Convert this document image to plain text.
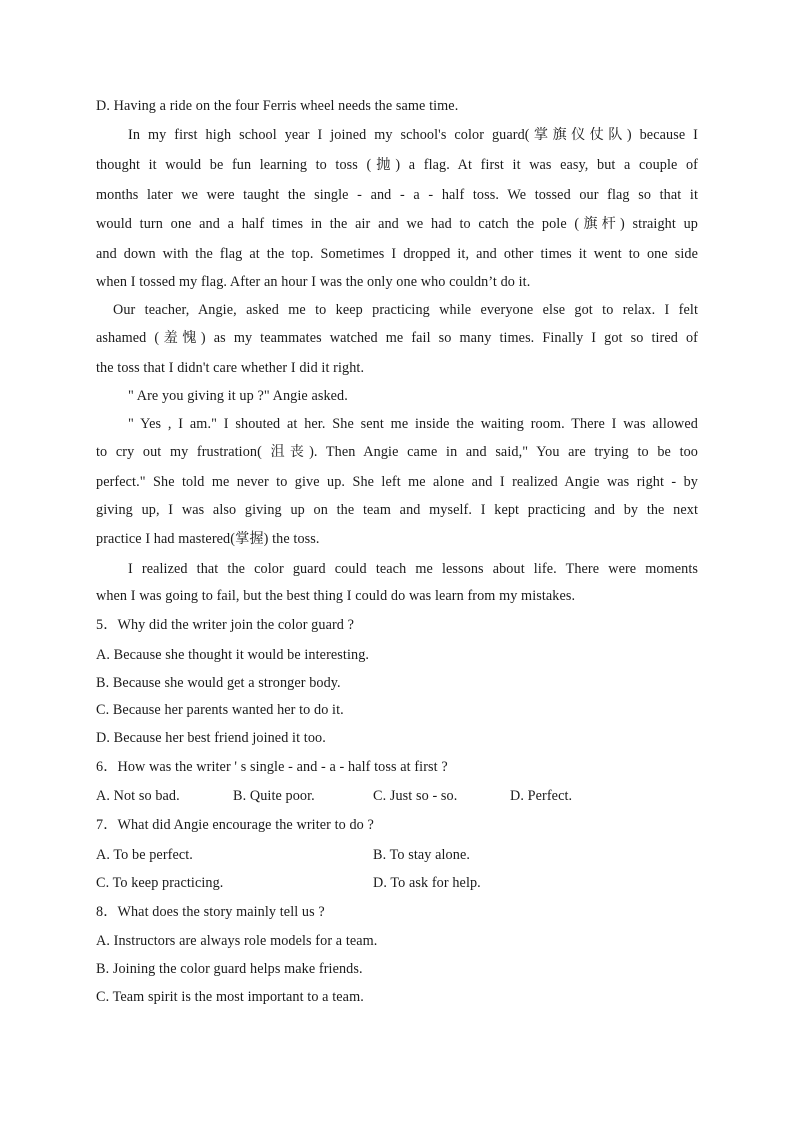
D. Having a ride on the four Ferris wheel needs the same time.
In my first high school year I joined my school's color guard(掌旗仪仗队) because I
thought it would be fun learning to toss (抛) a flag. At first it was easy, but a couple of
months later we were taught the single - and - a - half toss. We tossed our flag so that it
would turn one and a half times in the air and we had to catch the pole (旗杆) straight up
and down with the flag at the top. Sometimes I dropped it, and other times it went to one side
when I tossed my flag. After an hour I was the only one who couldn’t do it.
Our teacher, Angie, asked me to keep practicing while everyone else got to relax. I felt
ashamed (羞愧) as my teammates watched me fail so many times. Finally I got so tired of
the toss that I didn't care whether I did it right.
" Are you giving it up ?" Angie asked.
" Yes , I am." I shouted at her. She sent me inside the waiting room. There I was allowed
to cry out my frustration( 沮丧). Then Angie came in and said," You are trying to be too
perfect." She told me never to give up. She left me alone and I realized Angie was right - by
giving up, I was also giving up on the team and myself. I kept practicing and by the next
practice I had mastered(掌握) the toss.
I realized that the color guard could teach me lessons about life. There were moments
when I was going to fail, but the best thing I could do was learn from my mistakes.
5．Why did the writer join the color guard ?
A. Because she thought it would be interesting.
B. Because she would get a stronger body.
C. Because her parents wanted her to do it.
D. Because her best friend joined it too.
6．How was the writer ' s single - and - a - half toss at first ?
A. Not so bad.	B. Quite poor.	C. Just so - so.	D. Perfect.
7．What did Angie encourage the writer to do ?
A. To be perfect.	B. To stay alone.
C. To keep practicing.	D. To ask for help.
8．What does the story mainly tell us ?
A. Instructors are always role models for a team.
B. Joining the color guard helps make friends.
C. Team spirit is the most important to a team.
